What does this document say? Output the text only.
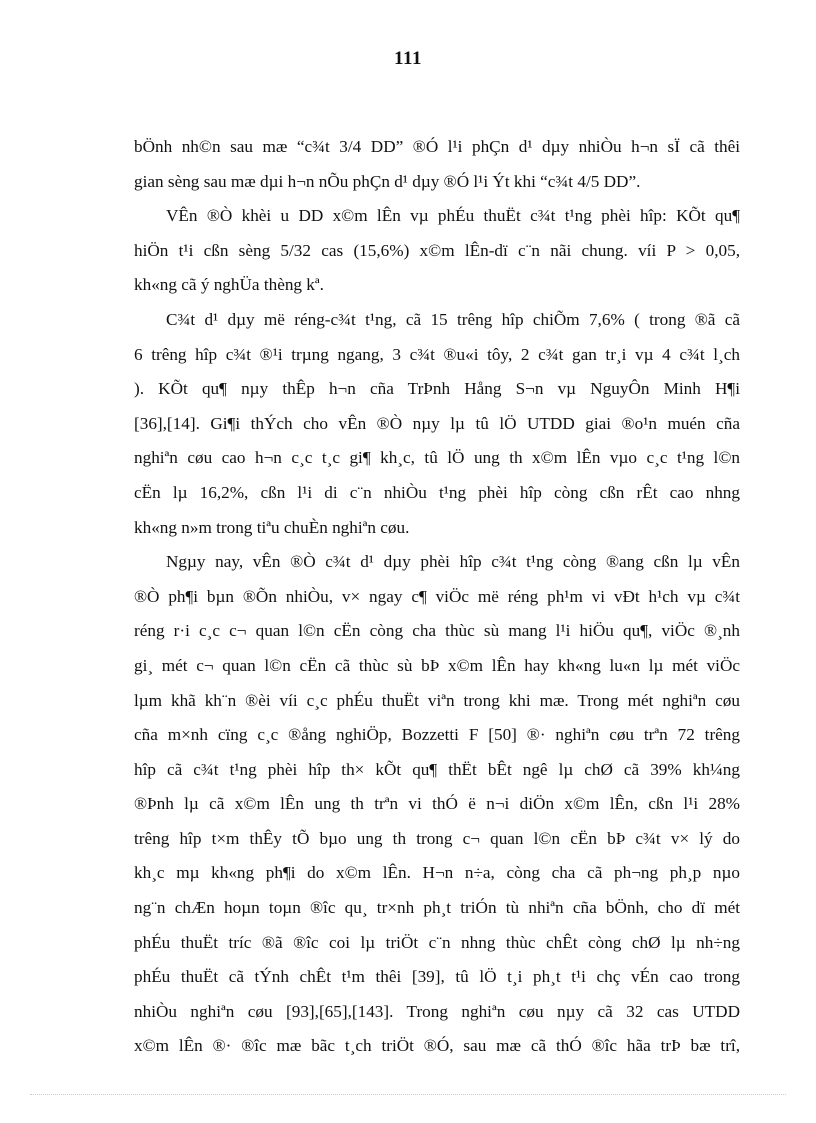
111
bÖnh nh©n sau mæ “c¾t 3/4 DD” ®Ó l¹i phÇn d¹ dµy nhiÒu h¬n sÏ cã thêi
gian sèng sau mæ dµi h¬n nÕu phÇn d¹ dµy ®Ó l¹i Ýt khi “c¾t 4/5 DD”.
VÊn ®Ò khèi u DD x©m lÊn vµ phÉu thuËt c¾t t¹ng phèi hîp: KÕt qu¶
hiÖn t¹i cßn sèng 5/32 cas (15,6%) x©m lÊn-dï c¨n nãi chung. víi P > 0,05,
kh«ng cã ý nghÜa thèng kª.
C¾t d¹ dµy më réng-c¾t t¹ng, cã 15 trêng hîp chiÕm 7,6% ( trong ®ã cã
6 trêng hîp c¾t ®¹i trµng ngang, 3 c¾t ®u«i tôy, 2 c¾t gan tr¸i vµ 4 c¾t l¸ch
). KÕt qu¶ nµy thÊp h¬n cña TrÞnh Hång S¬n vµ NguyÔn Minh H¶i
[36],[14]. Gi¶i thÝch cho vÊn ®Ò nµy lµ tû lÖ UTDD giai ®o¹n muén cña
nghiªn cøu cao h¬n c¸c t¸c gi¶ kh¸c, tû lÖ ung th x©m lÊn vµo c¸c t¹ng l©n
cËn lµ 16,2%, cßn l¹i di c¨n nhiÒu t¹ng phèi hîp còng cßn rÊt cao nhng
kh«ng n»m trong tiªu chuÈn nghiªn cøu.
Ngµy nay, vÊn ®Ò c¾t d¹ dµy phèi hîp c¾t t¹ng còng ®ang cßn lµ vÊn
®Ò ph¶i bµn ®Õn nhiÒu, v× ngay c¶ viÖc më réng ph¹m vi vÐt h¹ch vµ c¾t
réng r·i c¸c c¬ quan l©n cËn còng cha thùc sù mang l¹i hiÖu qu¶, viÖc ®¸nh
gi¸ mét c¬ quan l©n cËn cã thùc sù bÞ x©m lÊn hay kh«ng lu«n lµ mét viÖc
lµm khã kh¨n ®èi víi c¸c phÉu thuËt viªn trong khi mæ. Trong mét nghiªn cøu
cña m×nh cïng c¸c ®ång nghiÖp, Bozzetti F [50] ®· nghiªn cøu trªn 72 trêng
hîp cã c¾t t¹ng phèi hîp th× kÕt qu¶ thËt bÊt ngê lµ chØ cã 39% kh¼ng
®Þnh lµ cã x©m lÊn ung th trªn vi thÓ ë n¬i diÖn x©m lÊn, cßn l¹i 28%
trêng hîp t×m thÊy tÕ bµo ung th trong c¬ quan l©n cËn bÞ c¾t v× lý do
kh¸c mµ kh«ng ph¶i do x©m lÊn. H¬n n÷a, còng cha cã ph¬ng ph¸p nµo
ng¨n chÆn hoµn toµn ®îc qu¸ tr×nh ph¸t triÓn tù nhiªn cña bÖnh, cho dï mét
phÉu thuËt tríc ®ã ®îc coi lµ triÖt c¨n nhng thùc chÊt còng chØ lµ nh÷ng
phÉu thuËt cã tÝnh chÊt t¹m thêi [39], tû lÖ t¸i ph¸t t¹i chç vÉn cao trong
nhiÒu nghiªn cøu [93],[65],[143]. Trong nghiªn cøu nµy cã 32 cas UTDD
x©m lÊn ®· ®îc mæ bãc t¸ch triÖt ®Ó, sau mæ cã thÓ ®îc hãa trÞ bæ trî,
